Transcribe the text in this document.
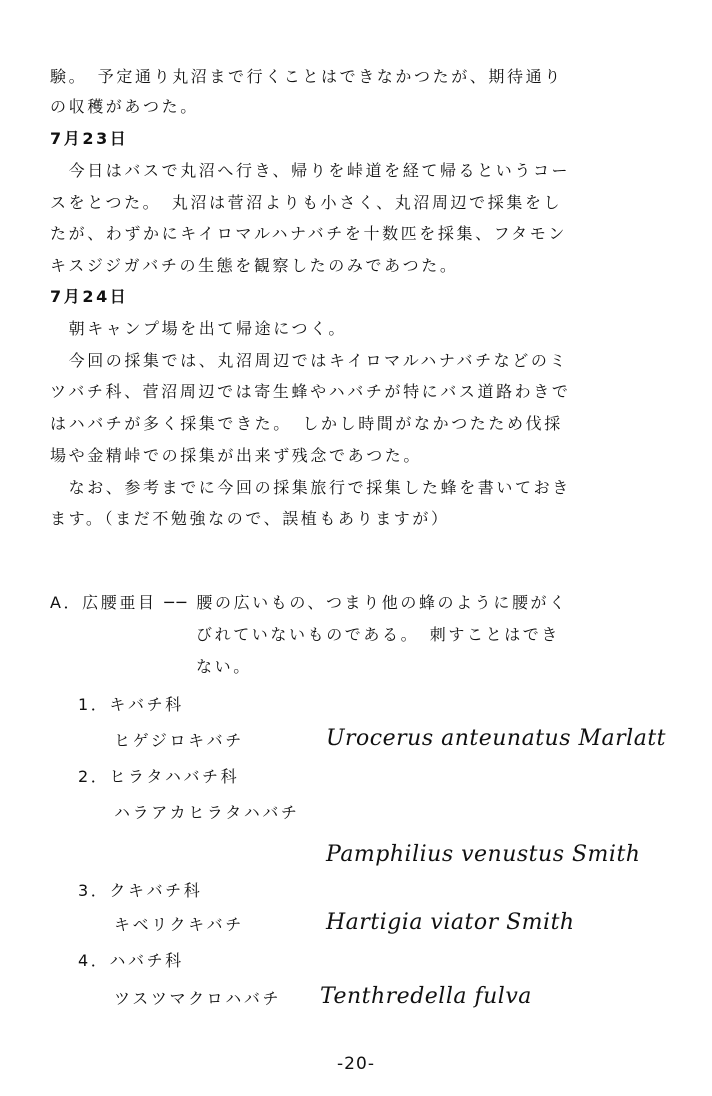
験。　予定通り丸沼まで行くことはできなかつたが、期待通り
の収穫があつた。
7月23日
　今日はバスで丸沼へ行き、帰りを峠道を経て帰るというコー
スをとつた。　丸沼は菅沼よりも小さく、丸沼周辺で採集をし
たが、わずかにキイロマルハナバチを十数匹を採集、フタモン
キスジジガバチの生態を観察したのみであつた。
7月24日
　朝キャンプ場を出て帰途につく。
　今回の採集では、丸沼周辺ではキイロマルハナバチなどのミ
ツバチ科、菅沼周辺では寄生蜂やハバチが特にバス道路わきで
はハバチが多く採集できた。　しかし時間がなかつたため伐採
場や金精峠での採集が出来ず残念であつた。
　なお、参考までに今回の採集旅行で採集した蜂を書いておき
ます。（まだ不勉強なので、誤植もありますが）
A．広腰亜目 ── 腰の広いもの、つまり他の蜂のように腰がく
びれていないものである。　刺すことはでき
ない。
1．キバチ科
ヒゲジロキバチ	Urocerus anteunatus Marlatt
2．ヒラタハバチ科
ハラアカヒラタハバチ
Pamphilius venustus Smith
3．クキバチ科
キベリクキバチ	Hartigia viator Smith
4．ハバチ科
ツスツマクロハバチ Tenthredella fulva
-20-
